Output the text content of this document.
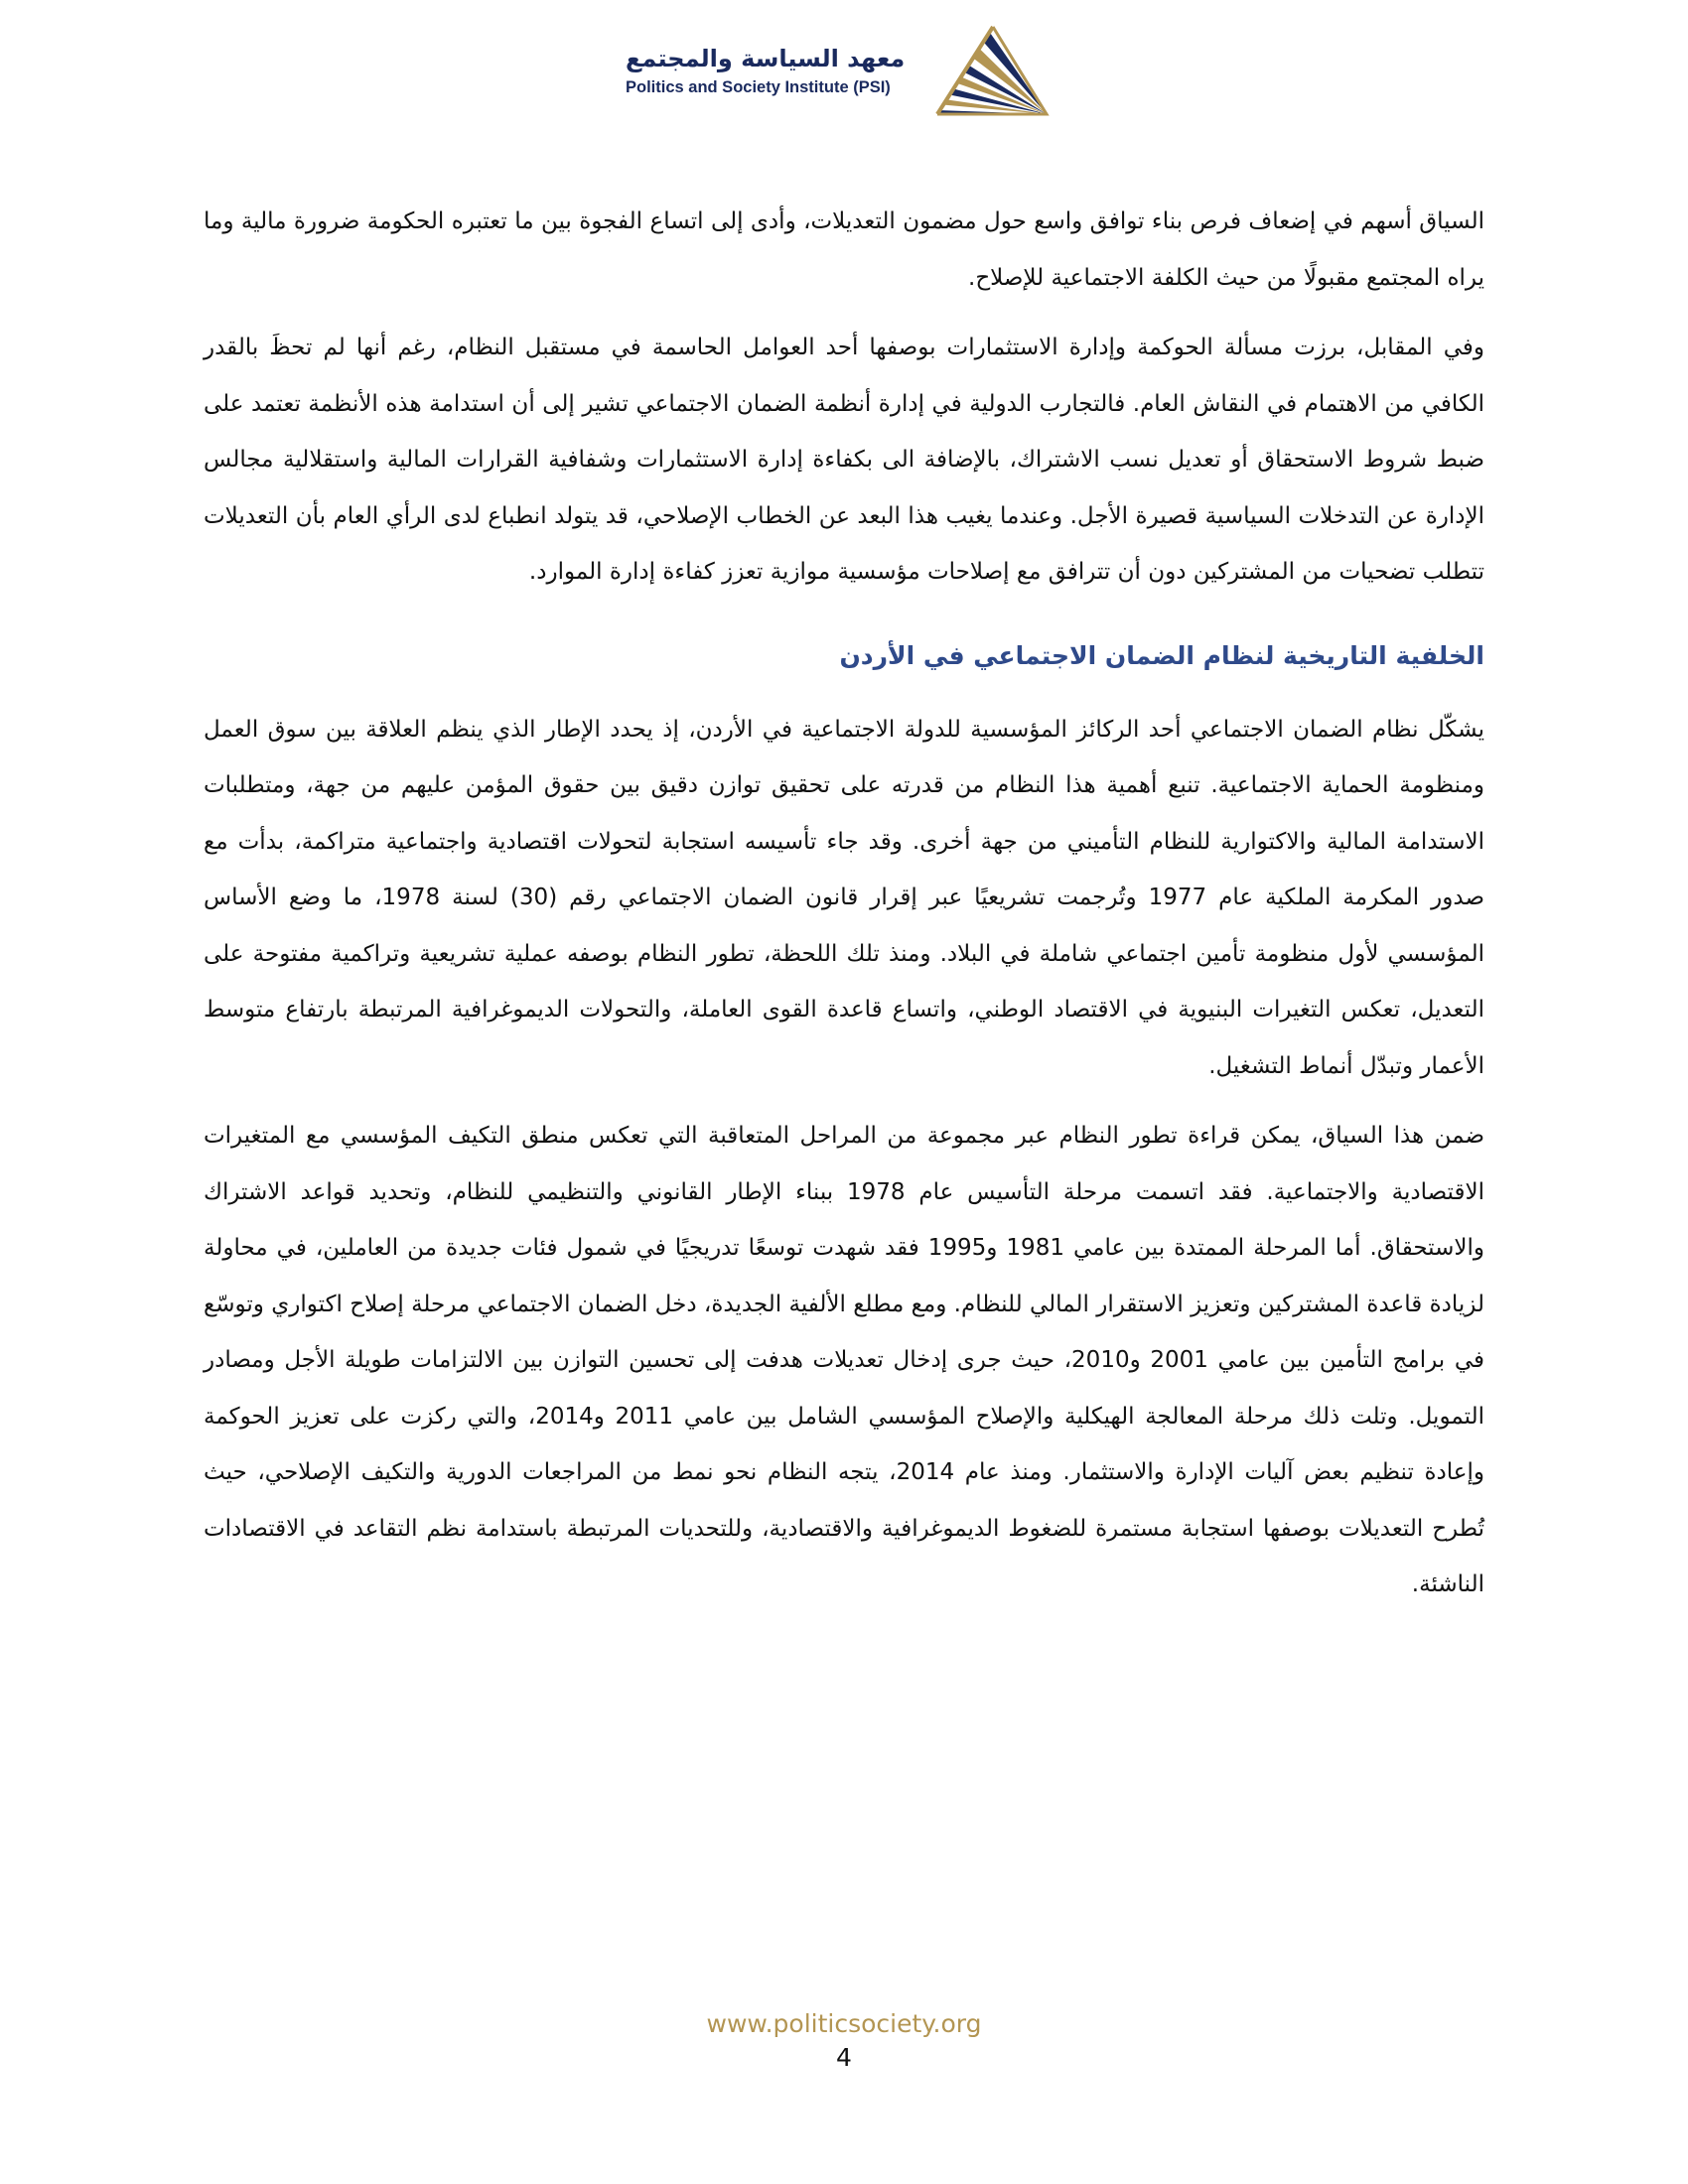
معهد السياسة والمجتمع
Politics and Society Institute (PSI)

السياق أسهم في إضعاف فرص بناء توافق واسع حول مضمون التعديلات، وأدى إلى اتساع الفجوة بين ما تعتبره الحكومة ضرورة مالية وما يراه المجتمع مقبولًا من حيث الكلفة الاجتماعية للإصلاح.

وفي المقابل، برزت مسألة الحوكمة وإدارة الاستثمارات بوصفها أحد العوامل الحاسمة في مستقبل النظام، رغم أنها لم تحظَ بالقدر الكافي من الاهتمام في النقاش العام. فالتجارب الدولية في إدارة أنظمة الضمان الاجتماعي تشير إلى أن استدامة هذه الأنظمة تعتمد على ضبط شروط الاستحقاق أو تعديل نسب الاشتراك، بالإضافة الى بكفاءة إدارة الاستثمارات وشفافية القرارات المالية واستقلالية مجالس الإدارة عن التدخلات السياسية قصيرة الأجل. وعندما يغيب هذا البعد عن الخطاب الإصلاحي، قد يتولد انطباع لدى الرأي العام بأن التعديلات تتطلب تضحيات من المشتركين دون أن تترافق مع إصلاحات مؤسسية موازية تعزز كفاءة إدارة الموارد.

الخلفية التاريخية لنظام الضمان الاجتماعي في الأردن

يشكّل نظام الضمان الاجتماعي أحد الركائز المؤسسية للدولة الاجتماعية في الأردن، إذ يحدد الإطار الذي ينظم العلاقة بين سوق العمل ومنظومة الحماية الاجتماعية. تنبع أهمية هذا النظام من قدرته على تحقيق توازن دقيق بين حقوق المؤمن عليهم من جهة، ومتطلبات الاستدامة المالية والاكتوارية للنظام التأميني من جهة أخرى. وقد جاء تأسيسه استجابة لتحولات اقتصادية واجتماعية متراكمة، بدأت مع صدور المكرمة الملكية عام 1977 وتُرجمت تشريعيًا عبر إقرار قانون الضمان الاجتماعي رقم (30) لسنة 1978، ما وضع الأساس المؤسسي لأول منظومة تأمين اجتماعي شاملة في البلاد. ومنذ تلك اللحظة، تطور النظام بوصفه عملية تشريعية وتراكمية مفتوحة على التعديل، تعكس التغيرات البنيوية في الاقتصاد الوطني، واتساع قاعدة القوى العاملة، والتحولات الديموغرافية المرتبطة بارتفاع متوسط الأعمار وتبدّل أنماط التشغيل.

ضمن هذا السياق، يمكن قراءة تطور النظام عبر مجموعة من المراحل المتعاقبة التي تعكس منطق التكيف المؤسسي مع المتغيرات الاقتصادية والاجتماعية. فقد اتسمت مرحلة التأسيس عام 1978 ببناء الإطار القانوني والتنظيمي للنظام، وتحديد قواعد الاشتراك والاستحقاق. أما المرحلة الممتدة بين عامي 1981 و1995 فقد شهدت توسعًا تدريجيًا في شمول فئات جديدة من العاملين، في محاولة لزيادة قاعدة المشتركين وتعزيز الاستقرار المالي للنظام. ومع مطلع الألفية الجديدة، دخل الضمان الاجتماعي مرحلة إصلاح اكتواري وتوسّع في برامج التأمين بين عامي 2001 و2010، حيث جرى إدخال تعديلات هدفت إلى تحسين التوازن بين الالتزامات طويلة الأجل ومصادر التمويل. وتلت ذلك مرحلة المعالجة الهيكلية والإصلاح المؤسسي الشامل بين عامي 2011 و2014، والتي ركزت على تعزيز الحوكمة وإعادة تنظيم بعض آليات الإدارة والاستثمار. ومنذ عام 2014، يتجه النظام نحو نمط من المراجعات الدورية والتكيف الإصلاحي، حيث تُطرح التعديلات بوصفها استجابة مستمرة للضغوط الديموغرافية والاقتصادية، وللتحديات المرتبطة باستدامة نظم التقاعد في الاقتصادات الناشئة.

www.politicsociety.org
4
